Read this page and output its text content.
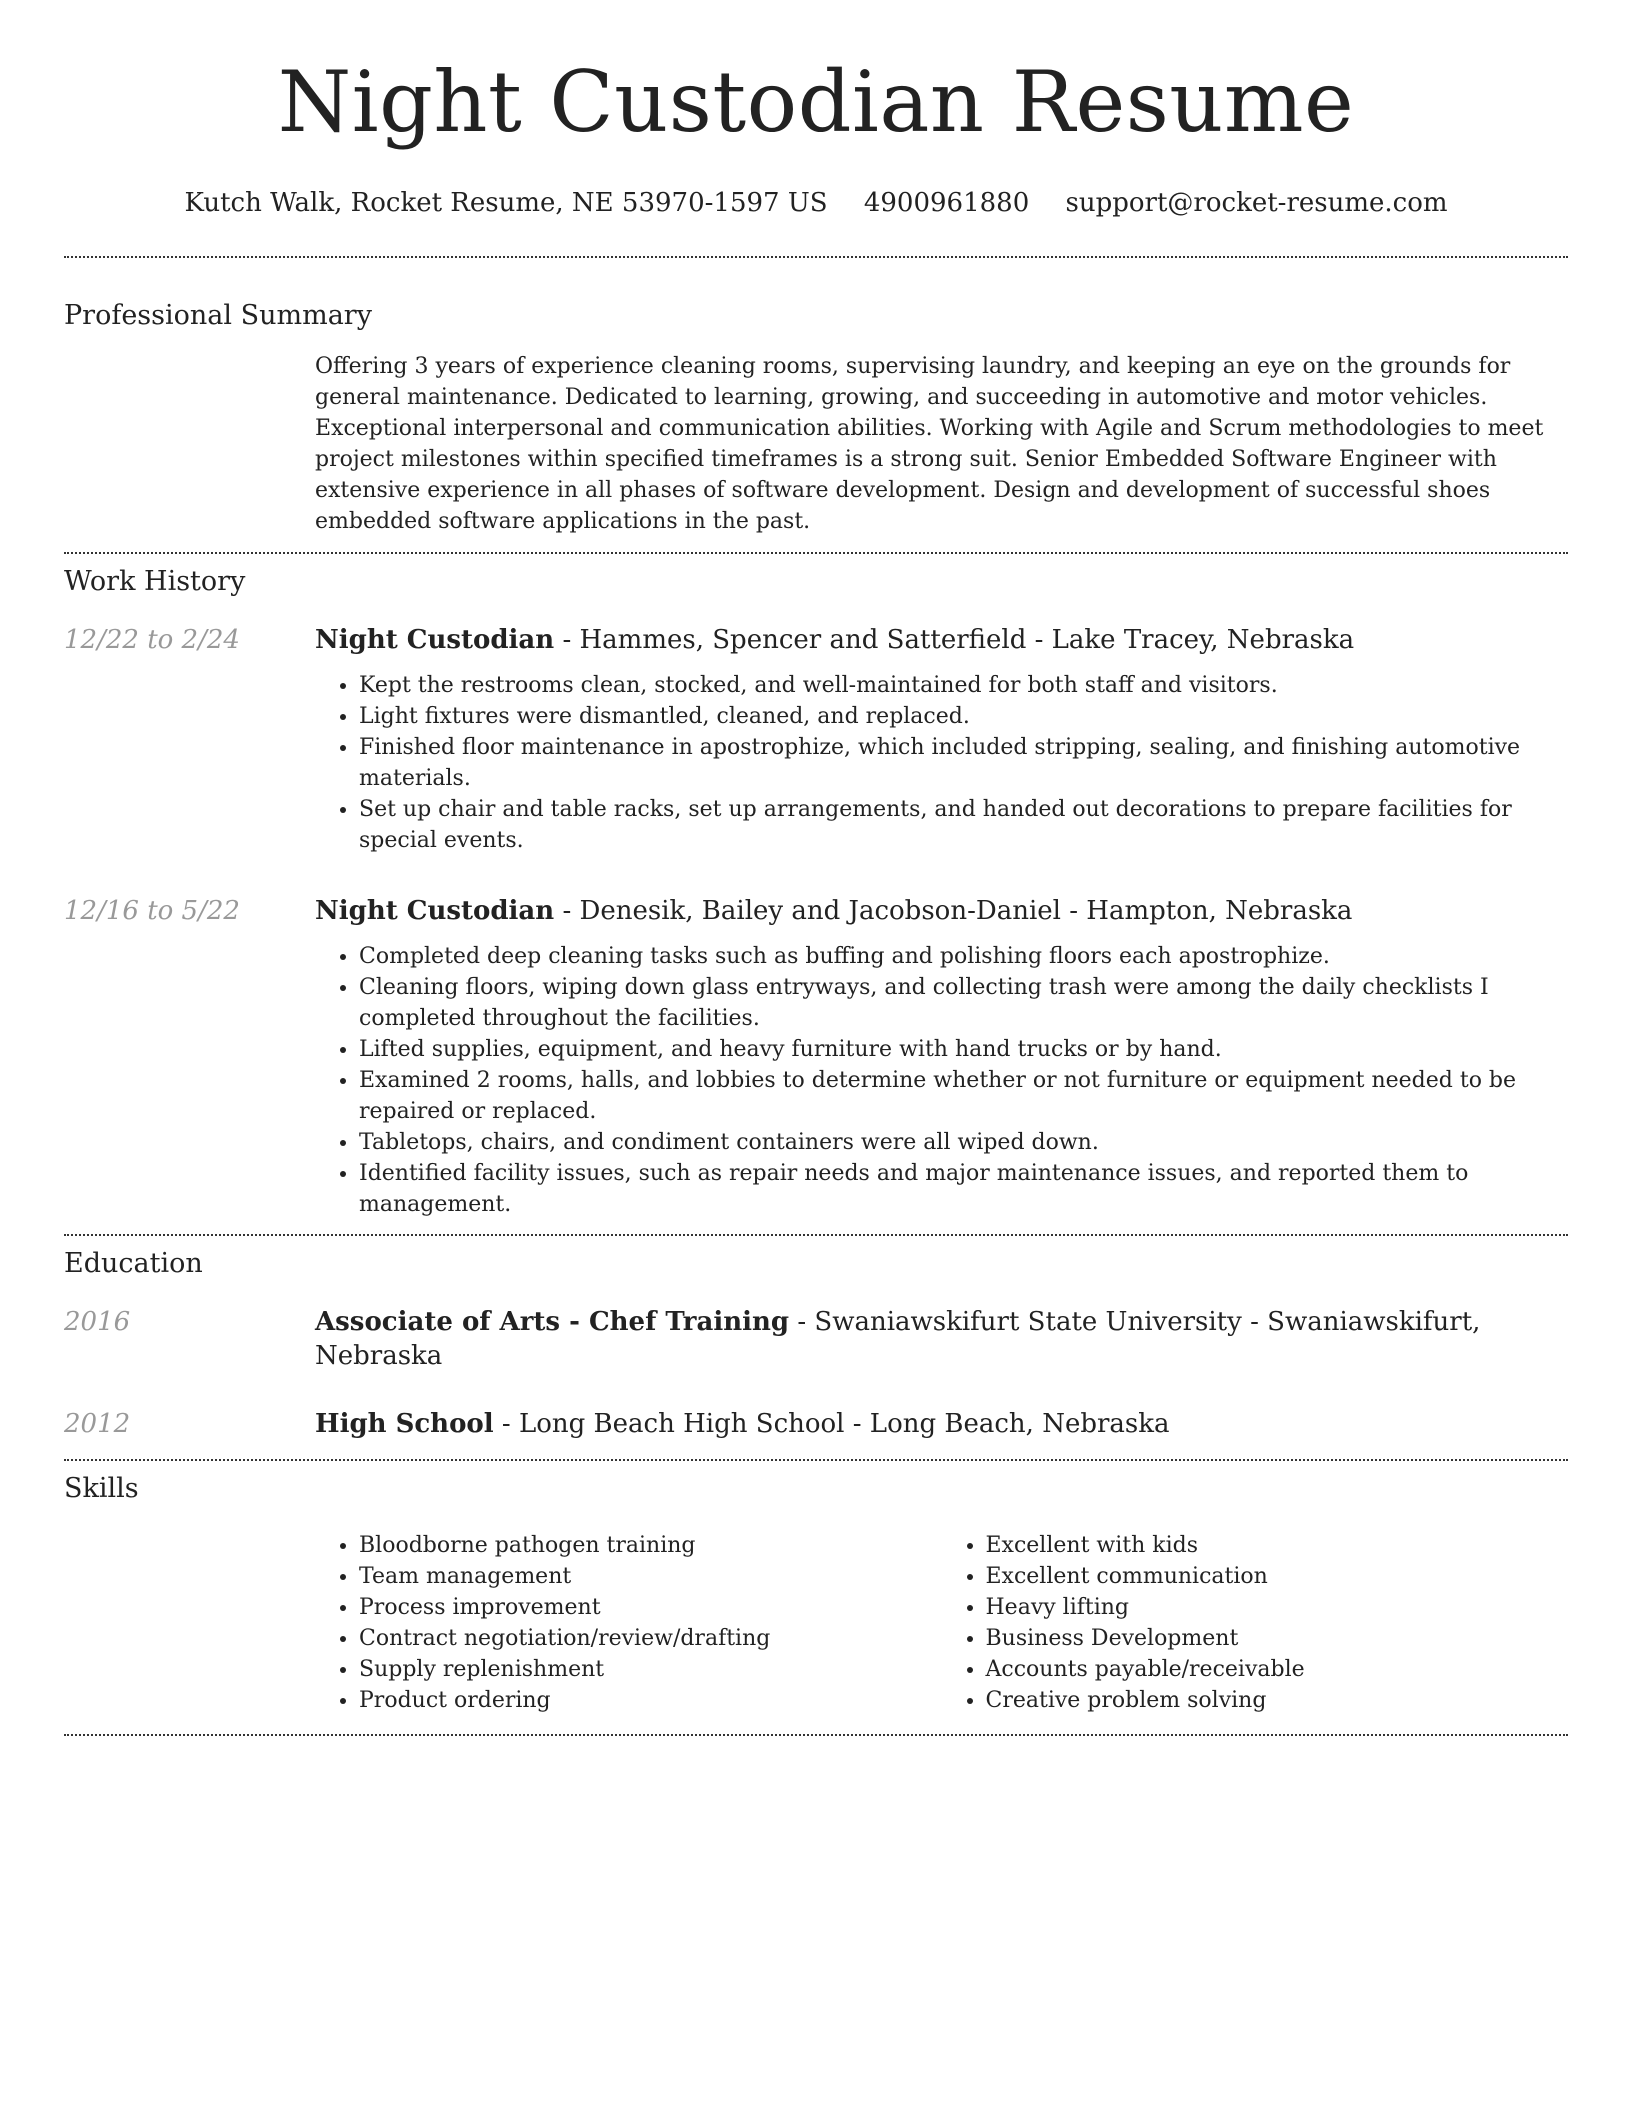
Night Custodian Resume
Kutch Walk, Rocket Resume, NE 53970-1597 US 4900961880 support@rocket-resume.com
Professional Summary
Offering 3 years of experience cleaning rooms, supervising laundry, and keeping an eye on the grounds for general maintenance. Dedicated to learning, growing, and succeeding in automotive and motor vehicles. Exceptional interpersonal and communication abilities. Working with Agile and Scrum methodologies to meet project milestones within specified timeframes is a strong suit. Senior Embedded Software Engineer with extensive experience in all phases of software development. Design and development of successful shoes embedded software applications in the past.
Work History
12/22 to 2/24	Night Custodian - Hammes, Spencer and Satterfield - Lake Tracey, Nebraska
• Kept the restrooms clean, stocked, and well-maintained for both staff and visitors.
• Light fixtures were dismantled, cleaned, and replaced.
• Finished floor maintenance in apostrophize, which included stripping, sealing, and finishing automotive materials.
• Set up chair and table racks, set up arrangements, and handed out decorations to prepare facilities for special events.
12/16 to 5/22	Night Custodian - Denesik, Bailey and Jacobson-Daniel - Hampton, Nebraska
• Completed deep cleaning tasks such as buffing and polishing floors each apostrophize.
• Cleaning floors, wiping down glass entryways, and collecting trash were among the daily checklists I completed throughout the facilities.
• Lifted supplies, equipment, and heavy furniture with hand trucks or by hand.
• Examined 2 rooms, halls, and lobbies to determine whether or not furniture or equipment needed to be repaired or replaced.
• Tabletops, chairs, and condiment containers were all wiped down.
• Identified facility issues, such as repair needs and major maintenance issues, and reported them to management.
Education
2016	Associate of Arts - Chef Training - Swaniawskifurt State University - Swaniawskifurt, Nebraska
2012	High School - Long Beach High School - Long Beach, Nebraska
Skills
• Bloodborne pathogen training
• Team management
• Process improvement
• Contract negotiation/review/drafting
• Supply replenishment
• Product ordering
• Excellent with kids
• Excellent communication
• Heavy lifting
• Business Development
• Accounts payable/receivable
• Creative problem solving
